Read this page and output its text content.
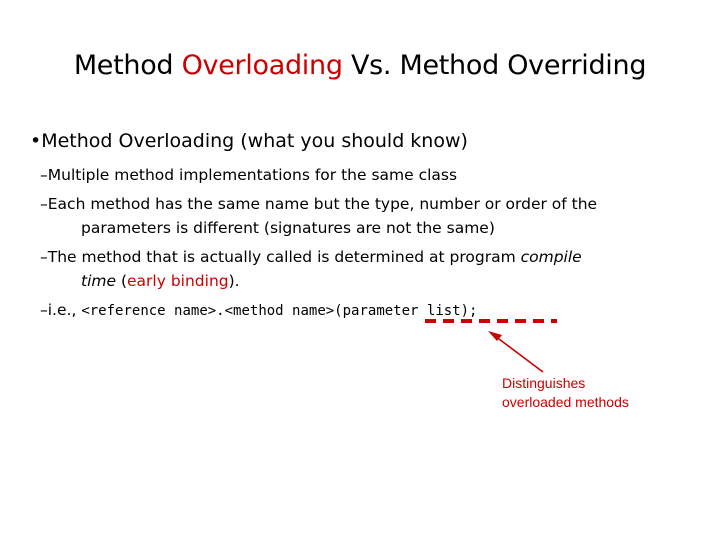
Method Overloading Vs. Method Overriding
•Method Overloading (what you should know)
–Multiple method implementations for the same class
–Each method has the same name but the type, number or order of the
parameters is different (signatures are not the same)
–The method that is actually called is determined at program compile
time (early binding).
–i.e., <reference name>.<method name>(parameter list);
Distinguishes
overloaded methods
